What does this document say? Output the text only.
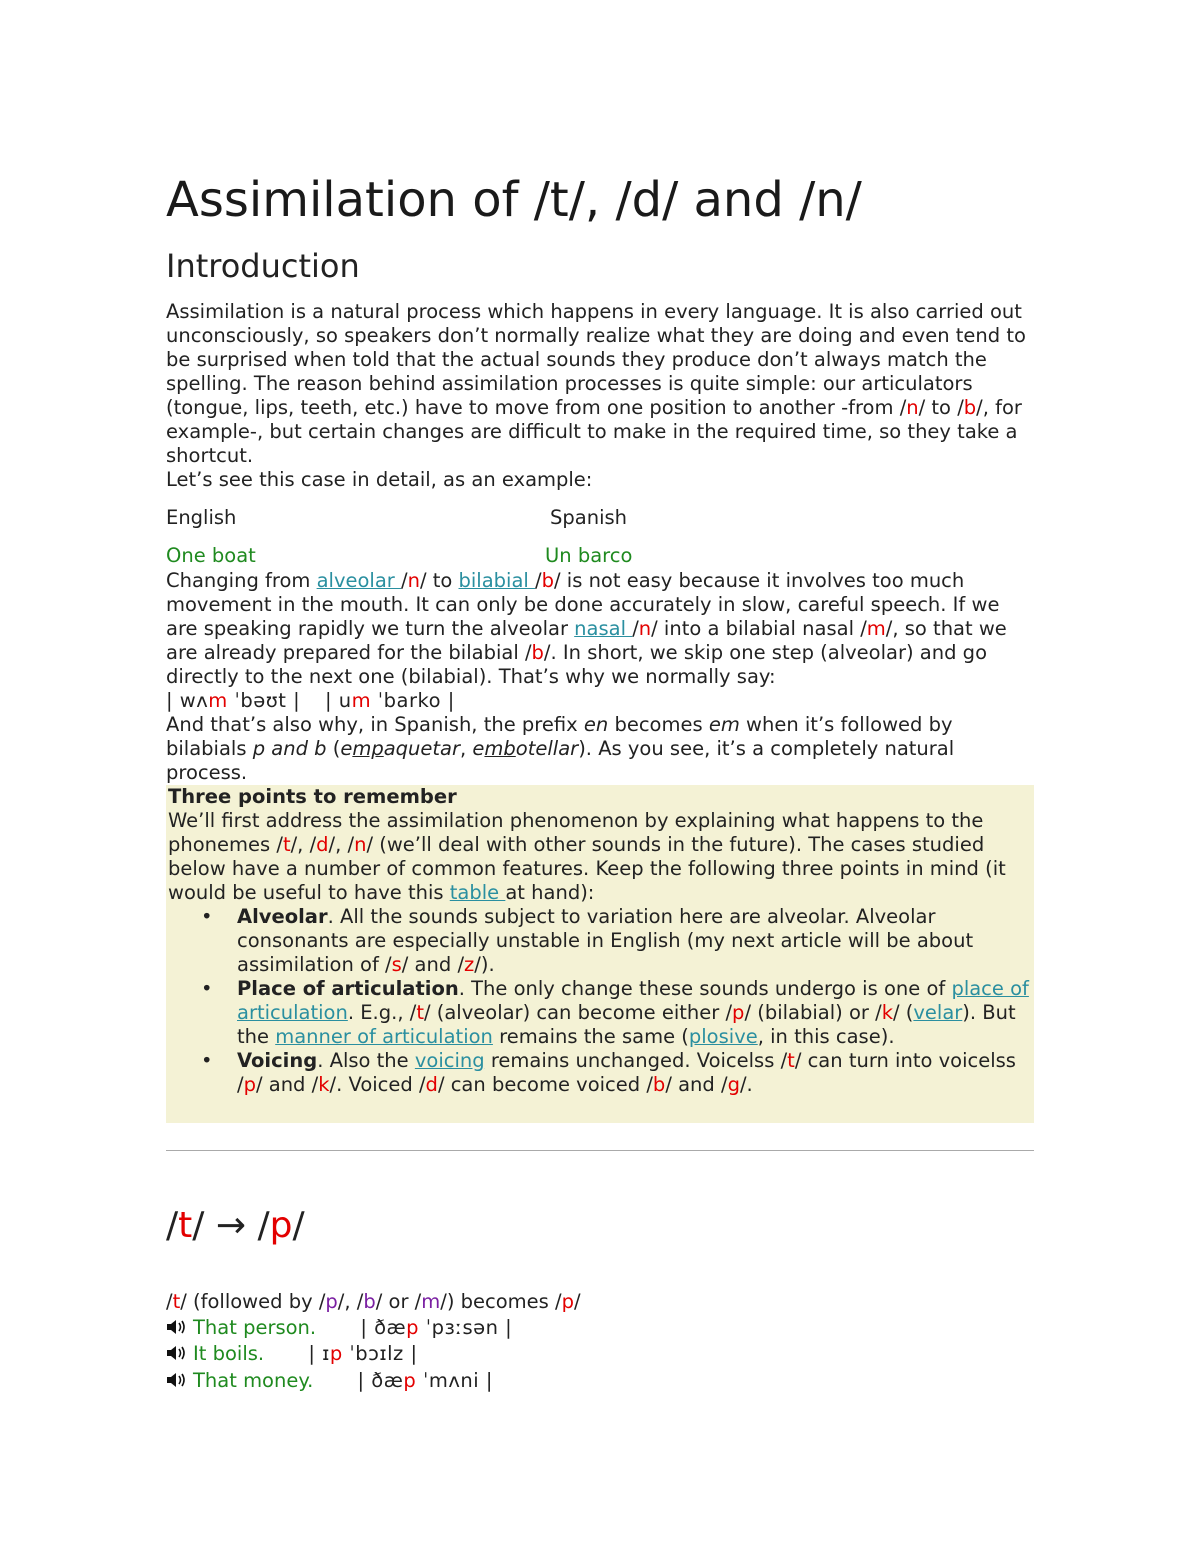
Assimilation of /t/, /d/ and /n/
Introduction
Assimilation is a natural process which happens in every language. It is also carried out unconsciously, so speakers don’t normally realize what they are doing and even tend to be surprised when told that the actual sounds they produce don’t always match the spelling. The reason behind assimilation processes is quite simple: our articulators (tongue, lips, teeth, etc.) have to move from one position to another -from /n/ to /b/, for example-, but certain changes are difficult to make in the required time, so they take a shortcut.
Let’s see this case in detail, as an example:
English	Spanish
One boat	Un barco
Changing from alveolar /n/ to bilabial /b/ is not easy because it involves too much movement in the mouth. It can only be done accurately in slow, careful speech. If we are speaking rapidly we turn the alveolar nasal /n/ into a bilabial nasal /m/, so that we are already prepared for the bilabial /b/. In short, we skip one step (alveolar) and go directly to the next one (bilabial). That’s why we normally say:
| wʌm ˈbəʊt | | um ˈbarko |
And that’s also why, in Spanish, the prefix en becomes em when it’s followed by bilabials p and b (empaquetar, embotellar). As you see, it’s a completely natural process.
Three points to remember
We’ll first address the assimilation phenomenon by explaining what happens to the phonemes /t/, /d/, /n/ (we’ll deal with other sounds in the future). The cases studied below have a number of common features. Keep the following three points in mind (it would be useful to have this table at hand):
• Alveolar. All the sounds subject to variation here are alveolar. Alveolar consonants are especially unstable in English (my next article will be about assimilation of /s/ and /z/).
• Place of articulation. The only change these sounds undergo is one of place of articulation. E.g., /t/ (alveolar) can become either /p/ (bilabial) or /k/ (velar). But the manner of articulation remains the same (plosive, in this case).
• Voicing. Also the voicing remains unchanged. Voicelss /t/ can turn into voicelss /p/ and /k/. Voiced /d/ can become voiced /b/ and /g/.
/t/ → /p/
/t/ (followed by /p/, /b/ or /m/) becomes /p/
That person. | ðæp ˈpɜːsən |
It boils. | ɪp ˈbɔɪlz |
That money. | ðæp ˈmʌni |
